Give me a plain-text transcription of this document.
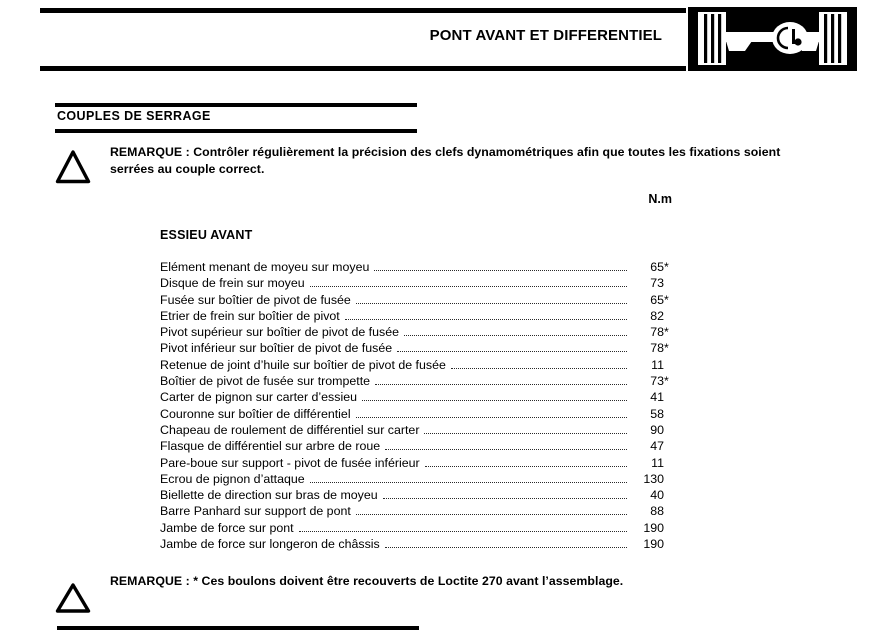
PONT AVANT ET DIFFERENTIEL
COUPLES DE SERRAGE
REMARQUE : Contrôler régulièrement la précision des clefs dynamométriques afin que toutes les fixations soient serrées au couple correct.
N.m
ESSIEU AVANT
Elément menant de moyeu sur moyeu	65 *
Disque de frein sur moyeu	73
Fusée sur boîtier de pivot de fusée	65 *
Etrier de frein sur boîtier de pivot	82
Pivot supérieur sur boîtier de pivot de fusée	78 *
Pivot inférieur sur boîtier de pivot de fusée	78 *
Retenue de joint d’huile sur boîtier de pivot de fusée	11
Boîtier de pivot de fusée sur trompette	73 *
Carter de pignon sur carter d’essieu	41
Couronne sur boîtier de différentiel	58
Chapeau de roulement de différentiel sur carter	90
Flasque de différentiel sur arbre de roue	47
Pare-boue sur support - pivot de fusée inférieur	11
Ecrou de pignon d’attaque	130
Biellette de direction sur bras de moyeu	40
Barre Panhard sur support de pont	88
Jambe de force sur pont	190
Jambe de force sur longeron de châssis	190
REMARQUE : * Ces boulons doivent être recouverts de Loctite 270 avant l’assemblage.
